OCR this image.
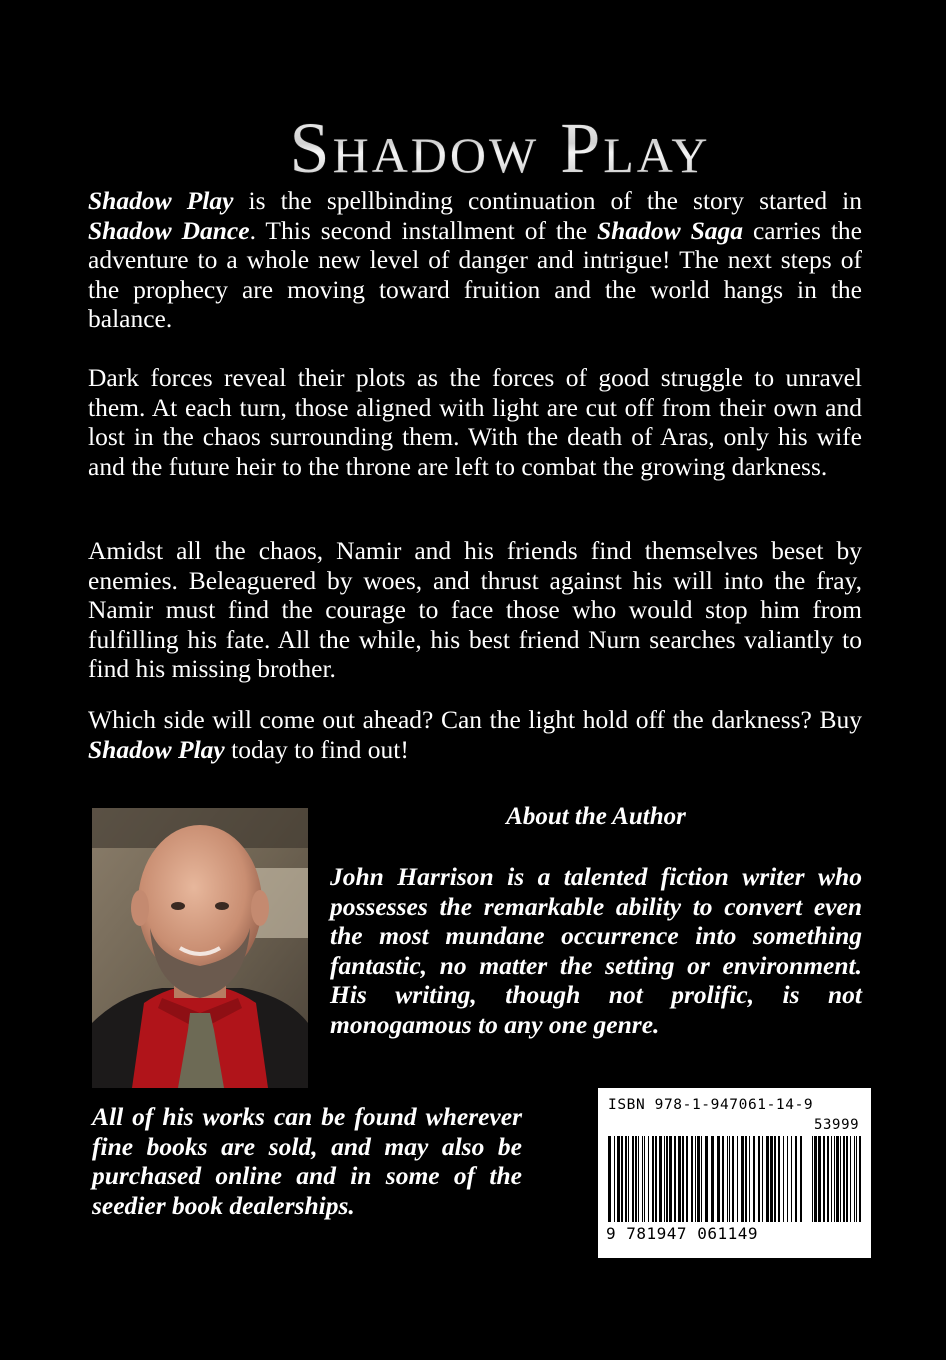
Shadow Play

Shadow Play is the spellbinding continuation of the story started in Shadow Dance. This second installment of the Shadow Saga carries the adventure to a whole new level of danger and intrigue! The next steps of the prophecy are moving toward fruition and the world hangs in the balance.

Dark forces reveal their plots as the forces of good struggle to unravel them. At each turn, those aligned with light are cut off from their own and lost in the chaos surrounding them. With the death of Aras, only his wife and the future heir to the throne are left to combat the growing darkness.

Amidst all the chaos, Namir and his friends find themselves beset by enemies. Beleaguered by woes, and thrust against his will into the fray, Namir must find the courage to face those who would stop him from fulfilling his fate. All the while, his best friend Nurn searches valiantly to find his missing brother.

Which side will come out ahead? Can the light hold off the darkness? Buy Shadow Play today to find out!

About the Author

John Harrison is a talented fiction writer who possesses the remarkable ability to convert even the most mundane occurrence into something fantastic, no matter the setting or environment. His writing, though not prolific, is not monogamous to any one genre.

All of his works can be found wherever fine books are sold, and may also be purchased online and in some of the seedier book dealerships.

ISBN 978-1-947061-14-9
53999
9 781947 061149
